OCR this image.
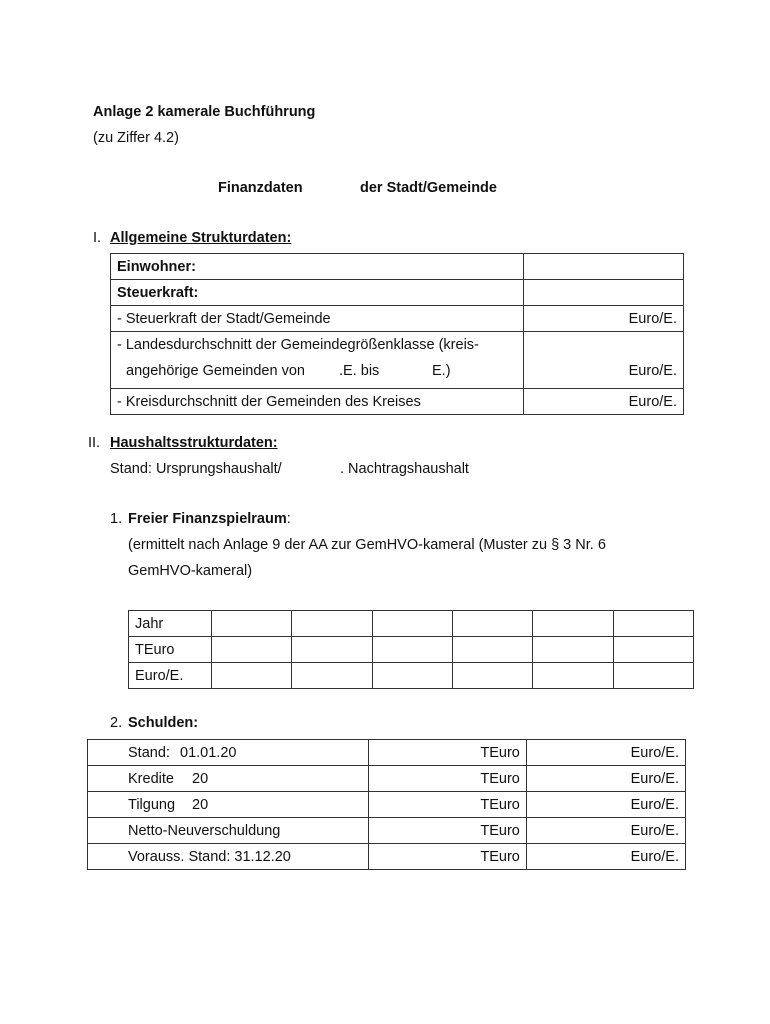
Anlage 2 kamerale Buchführung
(zu Ziffer 4.2)
Finanzdaten	der Stadt/Gemeinde
I. Allgemeine Strukturdaten:
Einwohner:	
Steuerkraft:	
- Steuerkraft der Stadt/Gemeinde	Euro/E.

- Landesdurchschnitt der Gemeindegrößenklasse (kreis-
angehörige Gemeinden von .E. bis E.)	Euro/E.
- Kreisdurchschnitt der Gemeinden des Kreises	Euro/E.
II. Haushaltsstrukturdaten:
Stand: Ursprungshaushalt/	. Nachtragshaushalt
1. Freier Finanzspielraum:
(ermittelt nach Anlage 9 der AA zur GemHVO-kameral (Muster zu § 3 Nr. 6
GemHVO-kameral)
Jahr						
TEuro						
Euro/E.						
2. Schulden:
Stand: 01.01.20	TEuro	Euro/E.
Kredite 20	TEuro	Euro/E.
Tilgung 20	TEuro	Euro/E.
Netto-Neuverschuldung	TEuro	Euro/E.
Vorauss. Stand: 31.12.20	TEuro	Euro/E.
